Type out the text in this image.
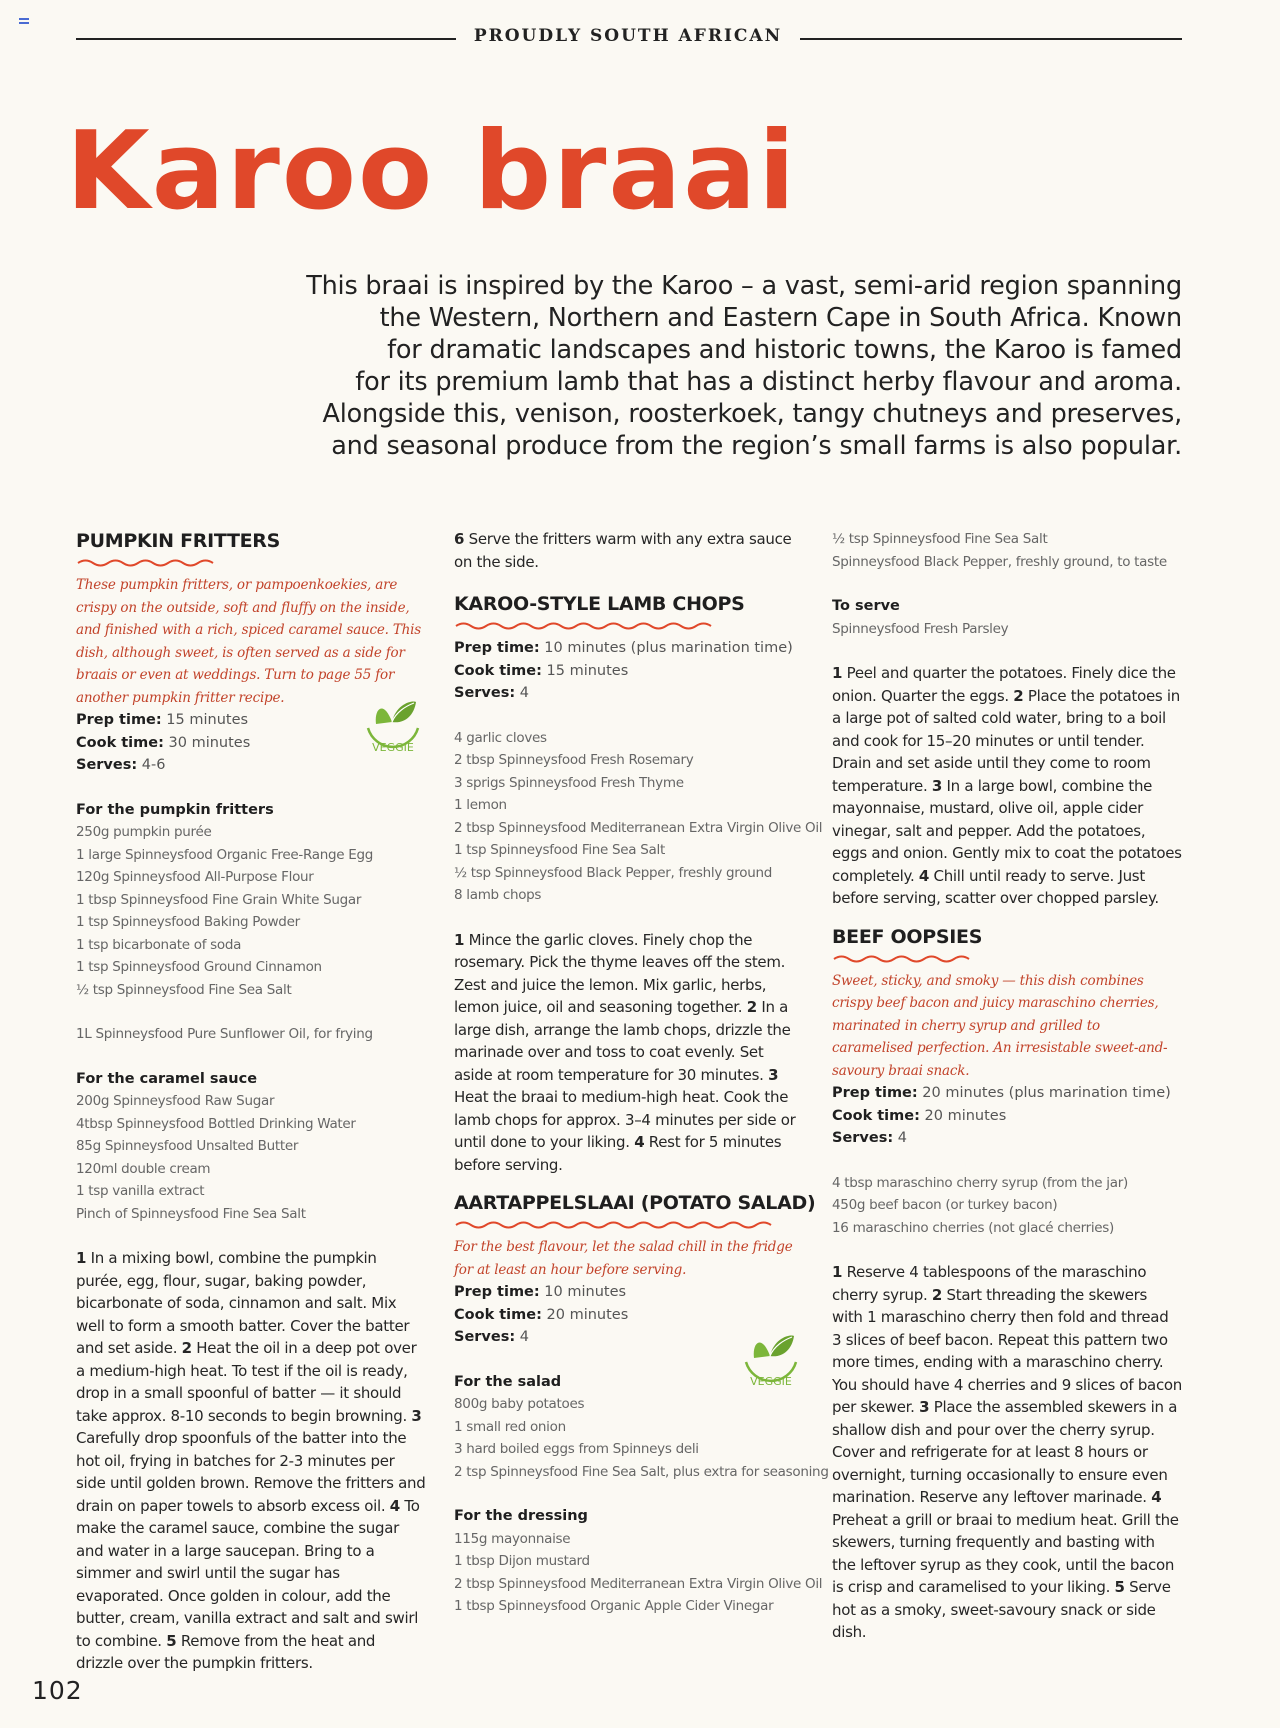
PROUDLY SOUTH AFRICAN
Karoo braai

This braai is inspired by the Karoo – a vast, semi-arid region spanning

the Western, Northern and Eastern Cape in South Africa. Known

for dramatic landscapes and historic towns, the Karoo is famed

for its premium lamb that has a distinct herby flavour and aroma.

Alongside this, venison, roosterkoek, tangy chutneys and preserves,

and seasonal produce from the region’s small farms is also popular.

PUMPKIN FRITTERS

These pumpkin fritters, or pampoenkoekies, are crispy on the outside, soft and fluffy on the inside, and finished with a rich, spiced caramel sauce. This dish, although sweet, is often served as a side for braais or even at weddings. Turn to page 55 for another pumpkin fritter recipe.

Prep time: 15 minutes
Cook time: 30 minutes
Serves: 4-6
For the pumpkin fritters
250g pumpkin purée
1 large Spinneysfood Organic Free-Range Egg
120g Spinneysfood All-Purpose Flour
1 tbsp Spinneysfood Fine Grain White Sugar
1 tsp Spinneysfood Baking Powder
1 tsp bicarbonate of soda
1 tsp Spinneysfood Ground Cinnamon
½ tsp Spinneysfood Fine Sea Salt
1L Spinneysfood Pure Sunflower Oil, for frying
For the caramel sauce
200g Spinneysfood Raw Sugar
4tbsp Spinneysfood Bottled Drinking Water
85g Spinneysfood Unsalted Butter
120ml double cream
1 tsp vanilla extract
Pinch of Spinneysfood Fine Sea Salt

1 In a mixing bowl, combine the pumpkin purée, egg, flour, sugar, baking powder, bicarbonate of soda, cinnamon and salt. Mix well to form a smooth batter. Cover the batter and set aside. 2 Heat the oil in a deep pot over a medium-high heat. To test if the oil is ready, drop in a small spoonful of batter — it should take approx. 8-10 seconds to begin browning. 3 Carefully drop spoonfuls of the batter into the hot oil, frying in batches for 2-3 minutes per side until golden brown. Remove the fritters and drain on paper towels to absorb excess oil. 4 To make the caramel sauce, combine the sugar and water in a large saucepan. Bring to a simmer and swirl until the sugar has evaporated. Once golden in colour, add the butter, cream, vanilla extract and salt and swirl to combine. 5 Remove from the heat and drizzle over the pumpkin fritters.

VEGGIE

6 Serve the fritters warm with any extra sauce on the side.

KAROO-STYLE LAMB CHOPS
Prep time: 10 minutes (plus marination time)
Cook time: 15 minutes
Serves: 4
4 garlic cloves
2 tbsp Spinneysfood Fresh Rosemary
3 sprigs Spinneysfood Fresh Thyme
1 lemon
2 tbsp Spinneysfood Mediterranean Extra Virgin Olive Oil
1 tsp Spinneysfood Fine Sea Salt
½ tsp Spinneysfood Black Pepper, freshly ground
8 lamb chops

1 Mince the garlic cloves. Finely chop the rosemary. Pick the thyme leaves off the stem. Zest and juice the lemon. Mix garlic, herbs, lemon juice, oil and seasoning together. 2 In a large dish, arrange the lamb chops, drizzle the marinade over and toss to coat evenly. Set aside at room temperature for 30 minutes. 3 Heat the braai to medium-high heat. Cook the lamb chops for approx. 3–4 minutes per side or until done to your liking. 4 Rest for 5 minutes before serving.

AARTAPPELSLAAI (POTATO SALAD)

For the best flavour, let the salad chill in the fridge for at least an hour before serving.

Prep time: 10 minutes
Cook time: 20 minutes
Serves: 4
For the salad
800g baby potatoes
1 small red onion
3 hard boiled eggs from Spinneys deli
2 tsp Spinneysfood Fine Sea Salt, plus extra for seasoning
For the dressing
115g mayonnaise
1 tbsp Dijon mustard
2 tbsp Spinneysfood Mediterranean Extra Virgin Olive Oil
1 tbsp Spinneysfood Organic Apple Cider Vinegar
VEGGIE
½ tsp Spinneysfood Fine Sea Salt
Spinneysfood Black Pepper, freshly ground, to taste
To serve
Spinneysfood Fresh Parsley

1 Peel and quarter the potatoes. Finely dice the onion. Quarter the eggs. 2 Place the potatoes in a large pot of salted cold water, bring to a boil and cook for 15–20 minutes or until tender. Drain and set aside until they come to room temperature. 3 In a large bowl, combine the mayonnaise, mustard, olive oil, apple cider vinegar, salt and pepper. Add the potatoes, eggs and onion. Gently mix to coat the potatoes completely. 4 Chill until ready to serve. Just before serving, scatter over chopped parsley.

BEEF OOPSIES

Sweet, sticky, and smoky — this dish combines crispy beef bacon and juicy maraschino cherries, marinated in cherry syrup and grilled to caramelised perfection. An irresistable sweet-and-savoury braai snack.

Prep time: 20 minutes (plus marination time)
Cook time: 20 minutes
Serves: 4
4 tbsp maraschino cherry syrup (from the jar)
450g beef bacon (or turkey bacon)
16 maraschino cherries (not glacé cherries)

1 Reserve 4 tablespoons of the maraschino cherry syrup. 2 Start threading the skewers with 1 maraschino cherry then fold and thread 3 slices of beef bacon. Repeat this pattern two more times, ending with a maraschino cherry. You should have 4 cherries and 9 slices of bacon per skewer. 3 Place the assembled skewers in a shallow dish and pour over the cherry syrup. Cover and refrigerate for at least 8 hours or overnight, turning occasionally to ensure even marination. Reserve any leftover marinade. 4 Preheat a grill or braai to medium heat. Grill the skewers, turning frequently and basting with the leftover syrup as they cook, until the bacon is crisp and caramelised to your liking. 5 Serve hot as a smoky, sweet-savoury snack or side dish.

102
